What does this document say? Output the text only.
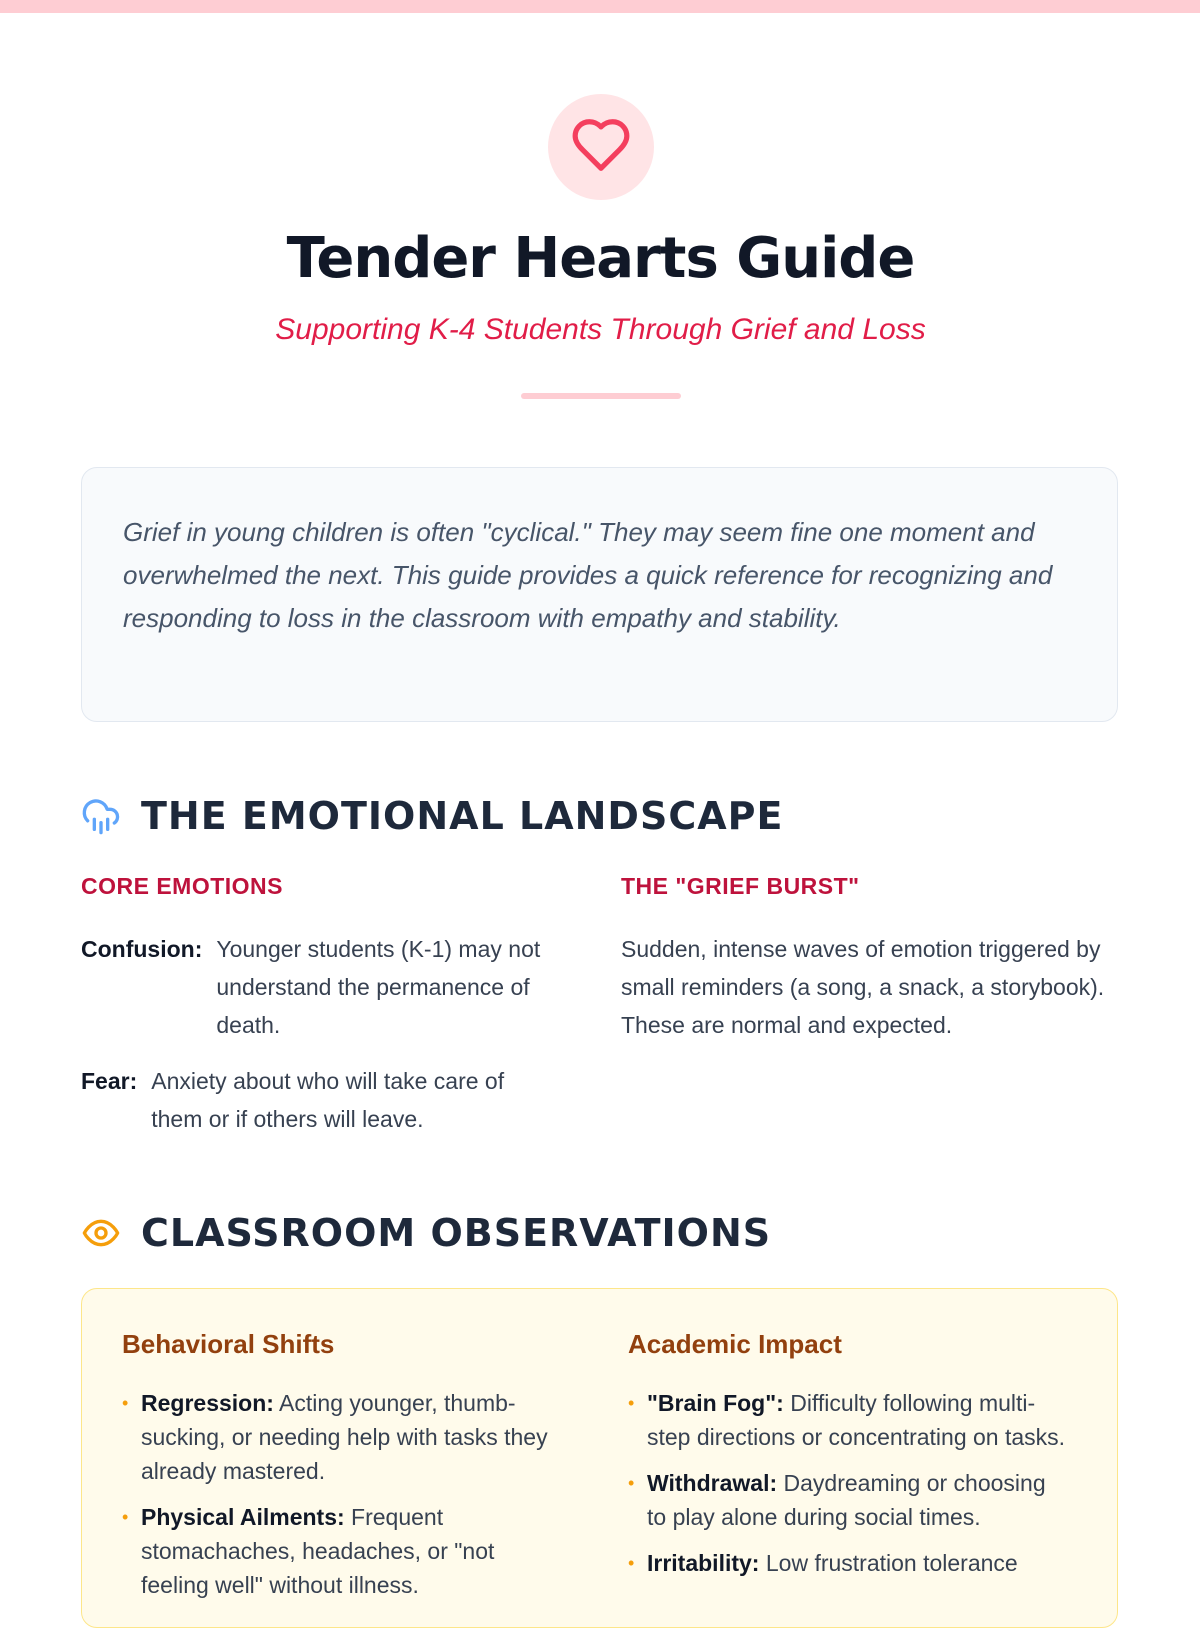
Tender Hearts Guide
Supporting K-4 Students Through Grief and Loss
Grief in young children is often "cyclical." They may seem fine one moment and overwhelmed the next. This guide provides a quick reference for recognizing and responding to loss in the classroom with empathy and stability.
THE EMOTIONAL LANDSCAPE
CORE EMOTIONS	THE "GRIEF BURST"
Confusion: Younger students (K-1) may not understand the permanence of death.
Fear: Anxiety about who will take care of them or if others will leave.
Sudden, intense waves of emotion triggered by small reminders (a song, a snack, a storybook). These are normal and expected.
CLASSROOM OBSERVATIONS
Behavioral Shifts
• Regression: Acting younger, thumb-sucking, or needing help with tasks they already mastered.
• Physical Ailments: Frequent stomachaches, headaches, or "not feeling well" without illness.
Academic Impact
• "Brain Fog": Difficulty following multi-step directions or concentrating on tasks.
• Withdrawal: Daydreaming or choosing to play alone during social times.
• Irritability: Low frustration tolerance
